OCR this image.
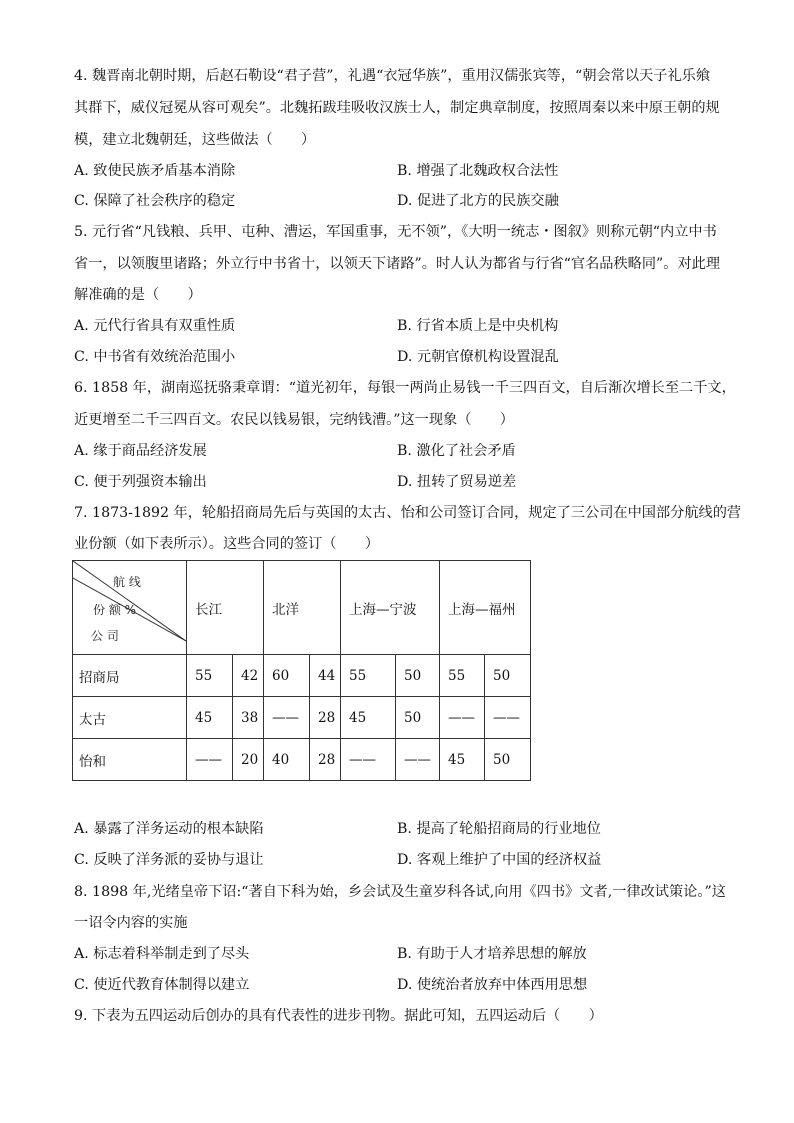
4. 魏晋南北朝时期，后赵石勒设“君子营”，礼遇“衣冠华族”，重用汉儒张宾等，“朝会常以天子礼乐飨
其群下，威仪冠冕从容可观矣”。北魏拓跋珪吸收汉族士人，制定典章制度，按照周秦以来中原王朝的规
模，建立北魏朝廷，这些做法（　　）
A. 致使民族矛盾基本消除	B. 增强了北魏政权合法性
C. 保障了社会秩序的稳定	D. 促进了北方的民族交融
5. 元行省“凡钱粮、兵甲、屯种、漕运，军国重事，无不领”，《大明一统志・图叙》则称元朝“内立中书
省一，以领腹里诸路；外立行中书省十，以领天下诸路”。时人认为都省与行省“官名品秩略同”。对此理
解准确的是（　　）
A. 元代行省具有双重性质	B. 行省本质上是中央机构
C. 中书省有效统治范围小	D. 元朝官僚机构设置混乱
6. 1858 年，湖南巡抚骆秉章谓：“道光初年，每银一两尚止易钱一千三四百文，自后渐次增长至二千文，
近更增至二千三四百文。农民以钱易银，完纳钱漕。”这一现象（　　）
A. 缘于商品经济发展	B. 激化了社会矛盾
C. 便于列强资本输出	D. 扭转了贸易逆差
7. 1873-1892 年，轮船招商局先后与英国的太古、怡和公司签订合同，规定了三公司在中国部分航线的营
业份额（如下表所示）。这些合同的签订（　　）
航 线
份 额 %
公 司	长江		北洋		上海—宁波		上海—福州	
招商局	55	42	60	44	55	50	55	50
太古	45	38	——	28	45	50	——	——
怡和	——	20	40	28	——	——	45	50
A. 暴露了洋务运动的根本缺陷	B. 提高了轮船招商局的行业地位
C. 反映了洋务派的妥协与退让	D. 客观上维护了中国的经济权益
8. 1898 年,光绪皇帝下诏:“著自下科为始，乡会试及生童岁科各试,向用《四书》文者,一律改试策论。”这
一诏令内容的实施
A. 标志着科举制走到了尽头	B. 有助于人才培养思想的解放
C. 使近代教育体制得以建立	D. 使统治者放弃中体西用思想
9. 下表为五四运动后创办的具有代表性的进步刊物。据此可知，五四运动后（　　）
